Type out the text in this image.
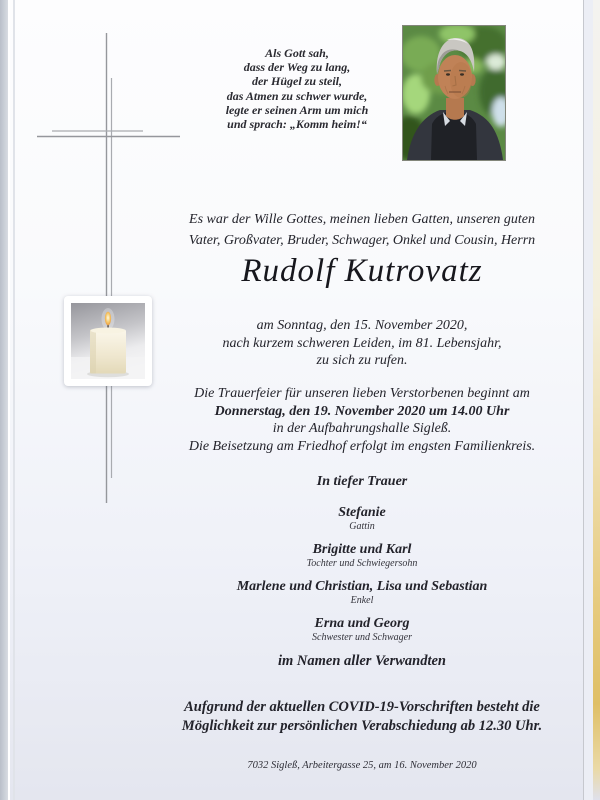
Als Gott sah,
dass der Weg zu lang,
der Hügel zu steil,
das Atmen zu schwer wurde,
legte er seinen Arm um mich
und sprach: „Komm heim!“
Es war der Wille Gottes, meinen lieben Gatten, unseren guten
Vater, Großvater, Bruder, Schwager, Onkel und Cousin, Herrn
Rudolf Kutrovatz
am Sonntag, den 15. November 2020,
nach kurzem schweren Leiden, im 81. Lebensjahr,
zu sich zu rufen.
Die Trauerfeier für unseren lieben Verstorbenen beginnt am
Donnerstag, den 19. November 2020 um 14.00 Uhr
in der Aufbahrungshalle Sigleß.
Die Beisetzung am Friedhof erfolgt im engsten Familienkreis.
In tiefer Trauer
Stefanie
Gattin
Brigitte und Karl
Tochter und Schwiegersohn
Marlene und Christian, Lisa und Sebastian
Enkel
Erna und Georg
Schwester und Schwager
im Namen aller Verwandten
Aufgrund der aktuellen COVID-19-Vorschriften besteht die
Möglichkeit zur persönlichen Verabschiedung ab 12.30 Uhr.
7032 Sigleß, Arbeitergasse 25, am 16. November 2020
